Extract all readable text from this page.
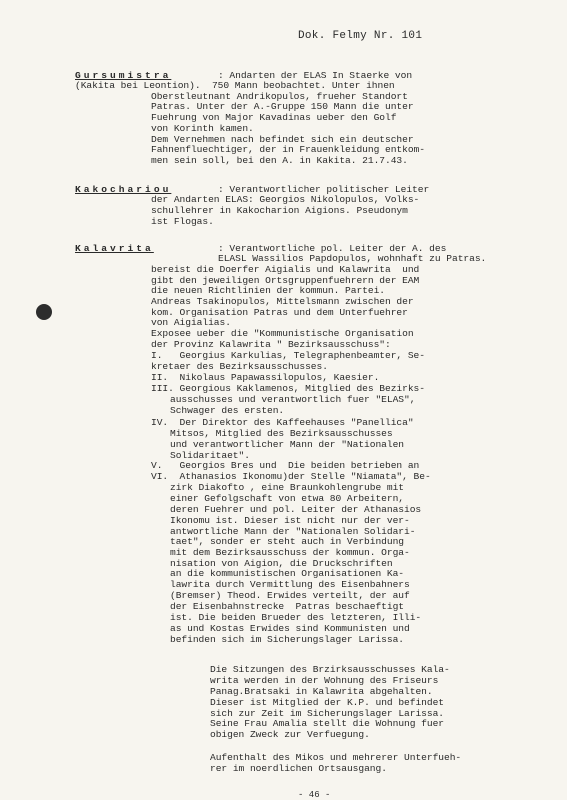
Dok. Felmy Nr. 101
Gursumistra	: Andarten der ELAS In Staerke von
(Kakita bei Leontion).  750 Mann beobachtet. Unter ihnen
Oberstleutnant Andrikopulos, frueher Standort
Patras. Unter der A.-Gruppe 150 Mann die unter
Fuehrung von Major Kavadinas ueber den Golf
von Korinth kamen.
Dem Vernehmen nach befindet sich ein deutscher
Fahnenfluechtiger, der in Frauenkleidung entkom-
men sein soll, bei den A. in Kakita. 21.7.43.
Kakochariou	: Verantwortlicher politischer Leiter
der Andarten ELAS: Georgios Nikolopulos, Volks-
schullehrer in Kakocharion Aigions. Pseudonym
ist Flogas.
Kalavrita	: Verantwortliche pol. Leiter der A. des
ELASL Wassilios Papdopulos, wohnhaft zu Patras.
bereist die Doerfer Aigialis und Kalawrita  und
gibt den jeweiligen Ortsgruppenfuehrern der EAM
die neuen Richtlinien der kommun. Partei.
Andreas Tsakinopulos, Mittelsmann zwischen der
kom. Organisation Patras und dem Unterfuehrer
von Aigialias.
Exposee ueber die "Kommunistische Organisation
der Provinz Kalawrita " Bezirksausschuss":
I.   Georgius Karkulias, Telegraphenbeamter, Se-
kretaer des Bezirksausschusses.
II.  Nikolaus Papawassilopulos, Kaesier.
III. Georgious Kaklamenos, Mitglied des Bezirks-
ausschusses und verantwortlich fuer "ELAS",
Schwager des ersten.
IV.  Der Direktor des Kaffeehauses "Panellica"
Mitsos, Mitglied des Bezirksausschusses
und verantwortlicher Mann der "Nationalen
Solidaritaet".
V.   Georgios Bres und  Die beiden betrieben an
VI.  Athanasios Ikonomu)der Stelle "Niamata", Be-
zirk Diakofto , eine Braunkohlengrube mit
einer Gefolgschaft von etwa 80 Arbeitern,
deren Fuehrer und pol. Leiter der Athanasios
Ikonomu ist. Dieser ist nicht nur der ver-
antwortliche Mann der "Nationalen Solidari-
taet", sonder er steht auch in Verbindung
mit dem Bezirksausschuss der kommun. Orga-
nisation von Aigion, die Druckschriften
an die kommunistischen Organisationen Ka-
lawrita durch Vermittlung des Eisenbahners
(Bremser) Theod. Erwides verteilt, der auf
der Eisenbahnstrecke  Patras beschaeftigt
ist. Die beiden Brueder des letzteren, Illi-
as und Kostas Erwides sind Kommunisten und
befinden sich im Sicherungslager Larissa.
Die Sitzungen des Brzirksausschusses Kala-
writa werden in der Wohnung des Friseurs
Panag.Bratsaki in Kalawrita abgehalten.
Dieser ist Mitglied der K.P. und befindet
sich zur Zeit im Sicherungslager Larissa.
Seine Frau Amalia stellt die Wohnung fuer
obigen Zweck zur Verfuegung.
Aufenthalt des Mikos und mehrerer Unterfueh-
rer im noerdlichen Ortsausgang.
- 46 -
